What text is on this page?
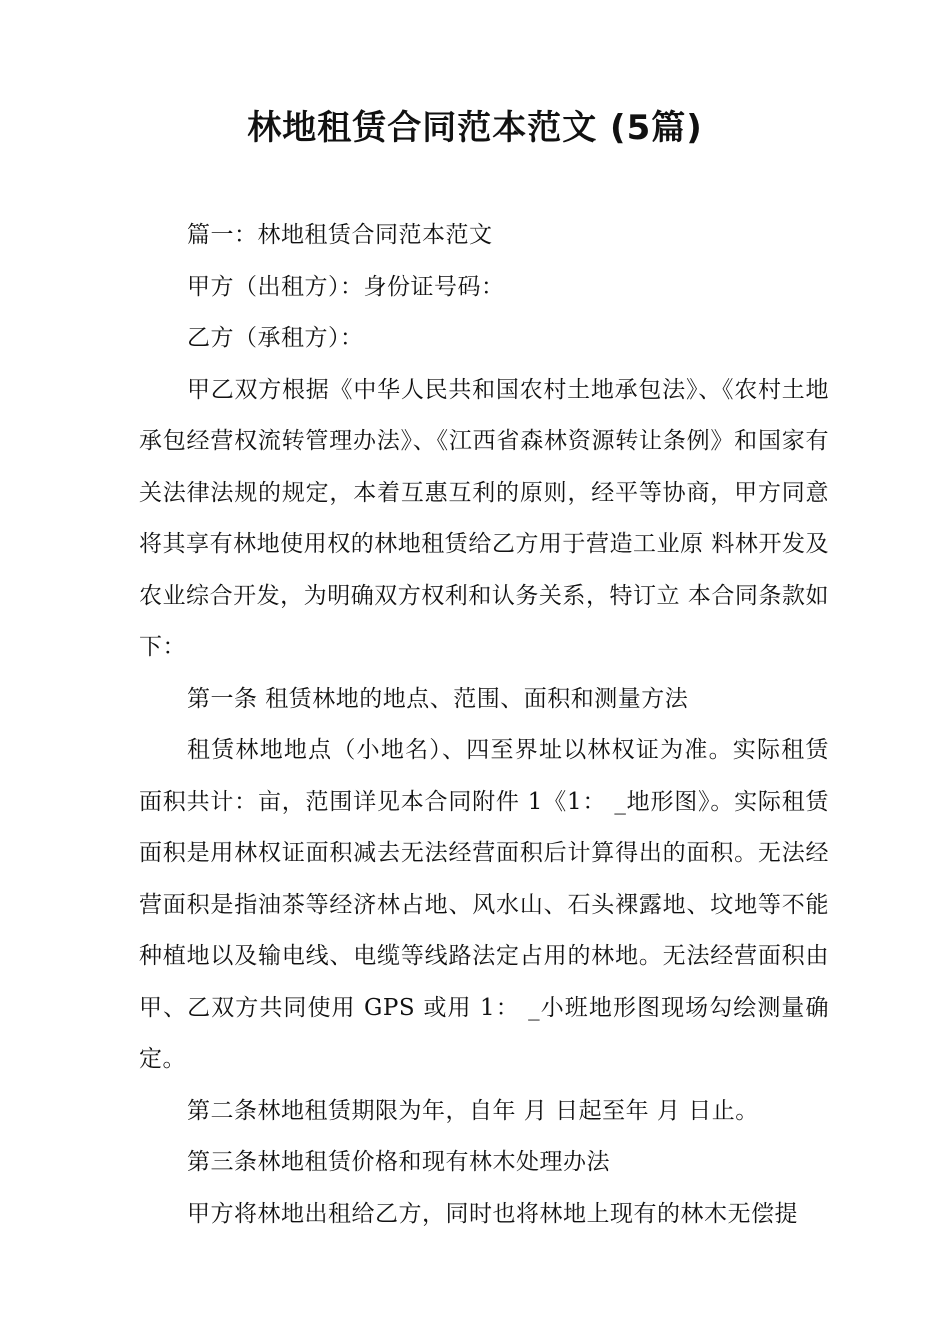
林地租赁合同范本范文 (5篇)

篇一：林地租赁合同范本范文

甲方（出租方）：身份证号码：

乙方（承租方）：

甲乙双方根据《中华人民共和国农村土地承包法》、《农村土地承包经营权流转管理办法》、《江西省森林资源转让条例》和国家有关法律法规的规定，本着互惠互利的原则，经平等协商，甲方同意将其享有林地使用权的林地租赁给乙方用于营造工业原 料林开发及农业综合开发，为明确双方权利和认务关系，特订立 本合同条款如下：

第一条 租赁林地的地点、范围、面积和测量方法

租赁林地地点（小地名）、四至界址以林权证为准。实际租赁面积共计：亩，范围详见本合同附件 1《1： _地形图》。实际租赁面积是用林权证面积减去无法经营面积后计算得出的面积。无法经营面积是指油茶等经济林占地、风水山、石头裸露地、坟地等不能种植地以及输电线、电缆等线路法定占用的林地。无法经营面积由甲、乙双方共同使用 GPS 或用 1： _小班地形图现场勾绘测量确定。

第二条林地租赁期限为年，自年 月 日起至年 月 日止。

第三条林地租赁价格和现有林木处理办法

甲方将林地出租给乙方，同时也将林地上现有的林木无偿提
